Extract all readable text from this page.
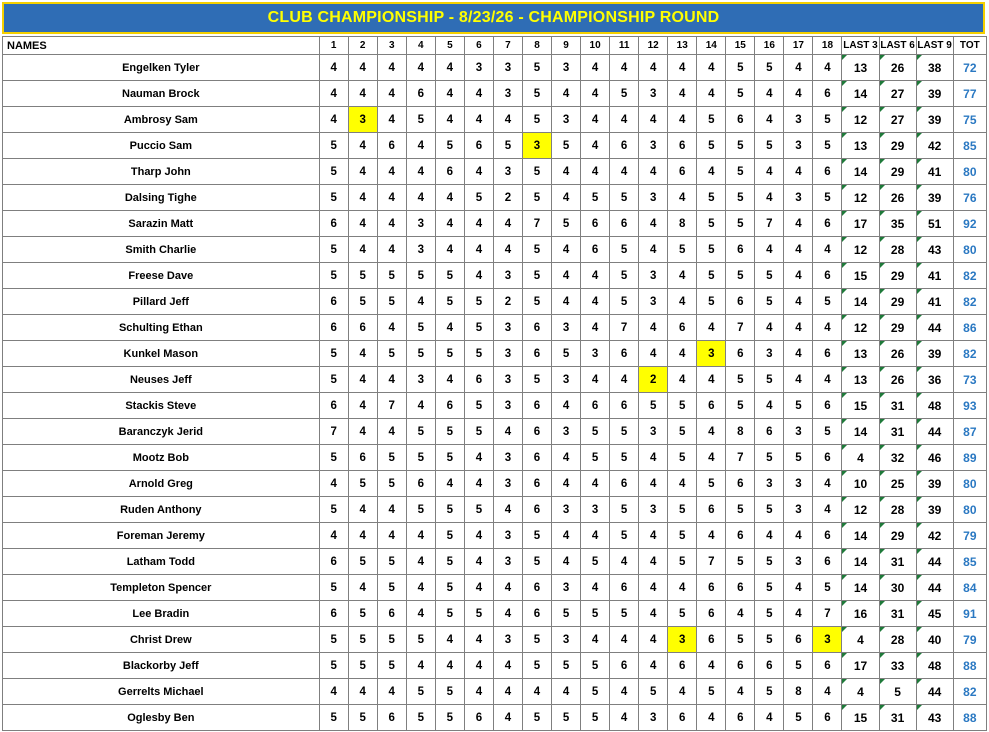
CLUB CHAMPIONSHIP - 8/23/26 - CHAMPIONSHIP ROUND
NAMES	1	2	3	4	5	6	7	8	9	10	11	12	13	14	15	16	17	18	LAST 3	LAST 6	LAST 9	TOT
Engelken Tyler	4	4	4	4	4	3	3	5	3	4	4	4	4	4	5	5	4	4	13	26	38	72
Nauman Brock	4	4	4	6	4	4	3	5	4	4	5	3	4	4	5	4	4	6	14	27	39	77
Ambrosy Sam	4	3	4	5	4	4	4	5	3	4	4	4	4	5	6	4	3	5	12	27	39	75
Puccio Sam	5	4	6	4	5	6	5	3	5	4	6	3	6	5	5	5	3	5	13	29	42	85
Tharp John	5	4	4	4	6	4	3	5	4	4	4	4	6	4	5	4	4	6	14	29	41	80
Dalsing Tighe	5	4	4	4	4	5	2	5	4	5	5	3	4	5	5	4	3	5	12	26	39	76
Sarazin Matt	6	4	4	3	4	4	4	7	5	6	6	4	8	5	5	7	4	6	17	35	51	92
Smith Charlie	5	4	4	3	4	4	4	5	4	6	5	4	5	5	6	4	4	4	12	28	43	80
Freese Dave	5	5	5	5	5	4	3	5	4	4	5	3	4	5	5	5	4	6	15	29	41	82
Pillard Jeff	6	5	5	4	5	5	2	5	4	4	5	3	4	5	6	5	4	5	14	29	41	82
Schulting Ethan	6	6	4	5	4	5	3	6	3	4	7	4	6	4	7	4	4	4	12	29	44	86
Kunkel Mason	5	4	5	5	5	5	3	6	5	3	6	4	4	3	6	3	4	6	13	26	39	82
Neuses Jeff	5	4	4	3	4	6	3	5	3	4	4	2	4	4	5	5	4	4	13	26	36	73
Stackis Steve	6	4	7	4	6	5	3	6	4	6	6	5	5	6	5	4	5	6	15	31	48	93
Baranczyk Jerid	7	4	4	5	5	5	4	6	3	5	5	3	5	4	8	6	3	5	14	31	44	87
Mootz Bob	5	6	5	5	5	4	3	6	4	5	5	4	5	4	7	5	5	6	4	32	46	89
Arnold Greg	4	5	5	6	4	4	3	6	4	4	6	4	4	5	6	3	3	4	10	25	39	80
Ruden Anthony	5	4	4	5	5	5	4	6	3	3	5	3	5	6	5	5	3	4	12	28	39	80
Foreman Jeremy	4	4	4	4	5	4	3	5	4	4	5	4	5	4	6	4	4	6	14	29	42	79
Latham Todd	6	5	5	4	5	4	3	5	4	5	4	4	5	7	5	5	3	6	14	31	44	85
Templeton Spencer	5	4	5	4	5	4	4	6	3	4	6	4	4	6	6	5	4	5	14	30	44	84
Lee Bradin	6	5	6	4	5	5	4	6	5	5	5	4	5	6	4	5	4	7	16	31	45	91
Christ Drew	5	5	5	5	4	4	3	5	3	4	4	4	3	6	5	5	6	3	4	28	40	79
Blackorby Jeff	5	5	5	4	4	4	4	5	5	5	6	4	6	4	6	6	5	6	17	33	48	88
Gerrelts Michael	4	4	4	5	5	4	4	4	4	5	4	5	4	5	4	5	8	4	4	5	44	82
Oglesby Ben	5	5	6	5	5	6	4	5	5	5	4	3	6	4	6	4	5	6	15	31	43	88
